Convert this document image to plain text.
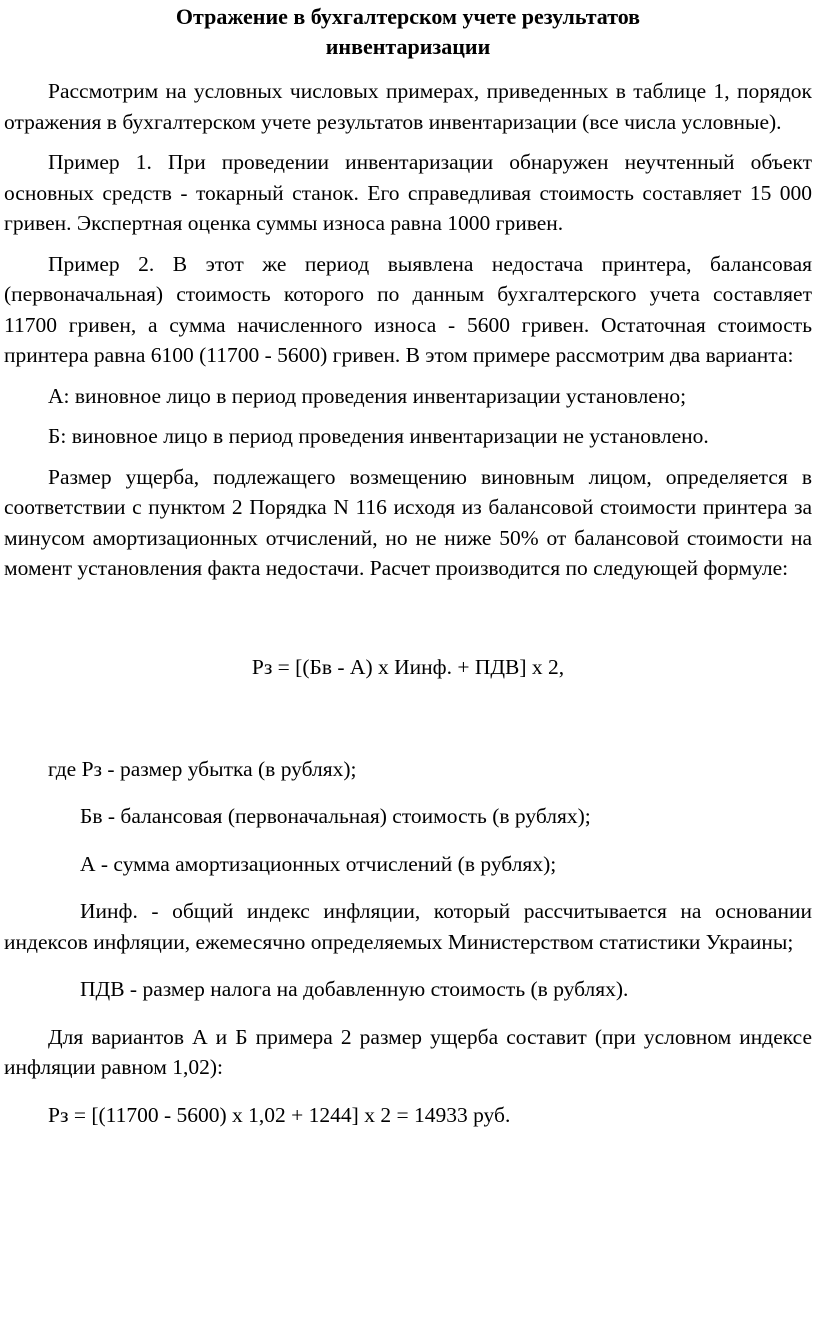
Отражение в бухгалтерском учете результатов
инвентаризации

Рассмотрим на условных числовых примерах, приведенных в таблице 1, порядок отражения в бухгалтерском учете результатов инвентаризации (все числа условные).

Пример 1. При проведении инвентаризации обнаружен неучтенный объект основных средств - токарный станок. Его справедливая стоимость составляет 15 000 гривен. Экспертная оценка суммы износа равна 1000 гривен.

Пример 2. В этот же период выявлена недостача принтера, балансовая (первоначальная) стоимость которого по данным бухгалтерского учета составляет 11700 гривен, а сумма начисленного износа - 5600 гривен. Остаточная стоимость принтера равна 6100 (11700 - 5600) гривен. В этом примере рассмотрим два варианта:

А: виновное лицо в период проведения инвентаризации установлено;

Б: виновное лицо в период проведения инвентаризации не установлено.

Размер ущерба, подлежащего возмещению виновным лицом, определяется в соответствии с пунктом 2 Порядка N 116 исходя из балансовой стоимости принтера за минусом амортизационных отчислений, но не ниже 50% от балансовой стоимости на момент установления факта недостачи. Расчет производится по следующей формуле:

Рз = [(Бв - А) х Иинф. + ПДВ] х 2,

где Рз - размер убытка (в рублях);

Бв - балансовая (первоначальная) стоимость (в рублях);

А - сумма амортизационных отчислений (в рублях);

Иинф. - общий индекс инфляции, который рассчитывается на основании индексов инфляции, ежемесячно определяемых Министерством статистики Украины;

ПДВ - размер налога на добавленную стоимость (в рублях).

Для вариантов А и Б примера 2 размер ущерба составит (при условном индексе инфляции равном 1,02):

Рз = [(11700 - 5600) х 1,02 + 1244] х 2 = 14933 руб.
